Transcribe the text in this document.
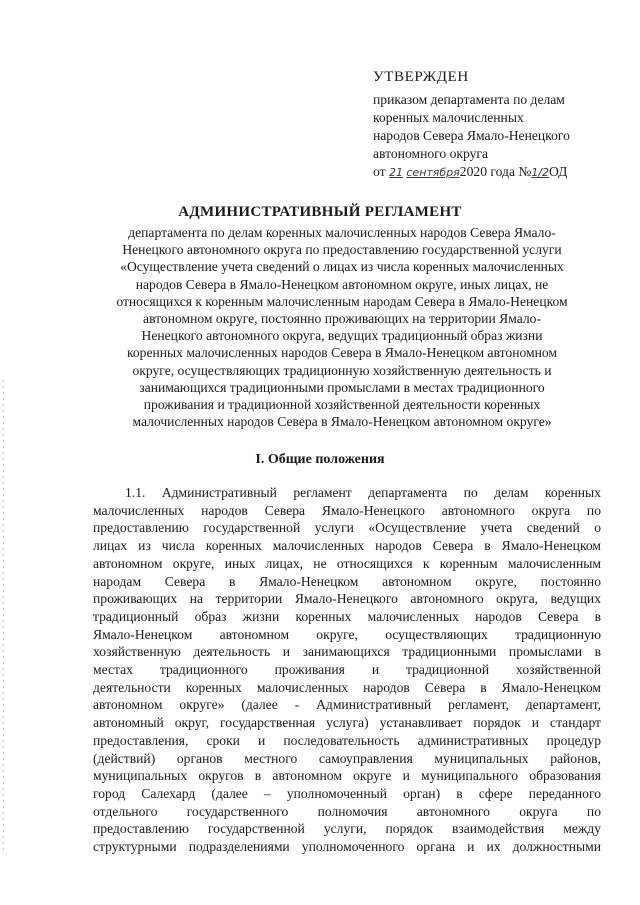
УТВЕРЖДЕН
приказом департамента по делам
коренных малочисленных
народов Севера Ямало-Ненецкого
автономного округа
от 21 сентября2020 года №1/2ОД
АДМИНИСТРАТИВНЫЙ РЕГЛАМЕНТ
департамента по делам коренных малочисленных народов Севера Ямало-
Ненецкого автономного округа по предоставлению государственной услуги
«Осуществление учета сведений о лицах из числа коренных малочисленных
народов Севера в Ямало-Ненецком автономном округе, иных лицах, не
относящихся к коренным малочисленным народам Севера в Ямало-Ненецком
автономном округе, постоянно проживающих на территории Ямало-
Ненецкого автономного округа, ведущих традиционный образ жизни
коренных малочисленных народов Севера в Ямало-Ненецком автономном
округе, осуществляющих традиционную хозяйственную деятельность и
занимающихся традиционными промыслами в местах традиционного
проживания и традиционной хозяйственной деятельности коренных
малочисленных народов Севера в Ямало-Ненецком автономном округе»
I. Общие положения
1.1. Административный регламент департамента по делам коренных
малочисленных народов Севера Ямало-Ненецкого автономного округа по
предоставлению государственной услуги «Осуществление учета сведений о
лицах из числа коренных малочисленных народов Севера в Ямало-Ненецком
автономном округе, иных лицах, не относящихся к коренным малочисленным
народам Севера в Ямало-Ненецком автономном округе, постоянно
проживающих на территории Ямало-Ненецкого автономного округа, ведущих
традиционный образ жизни коренных малочисленных народов Севера в
Ямало-Ненецком автономном округе, осуществляющих традиционную
хозяйственную деятельность и занимающихся традиционными промыслами в
местах традиционного проживания и традиционной хозяйственной
деятельности коренных малочисленных народов Севера в Ямало-Ненецком
автономном округе» (далее - Административный регламент, департамент,
автономный округ, государственная услуга) устанавливает порядок и стандарт
предоставления, сроки и последовательность административных процедур
(действий) органов местного самоуправления муниципальных районов,
муниципальных округов в автономном округе и муниципального образования
город Салехард (далее – уполномоченный орган) в сфере переданного
отдельного государственного полномочия автономного округа по
предоставлению государственной услуги, порядок взаимодействия между
структурными подразделениями уполномоченного органа и их должностными
